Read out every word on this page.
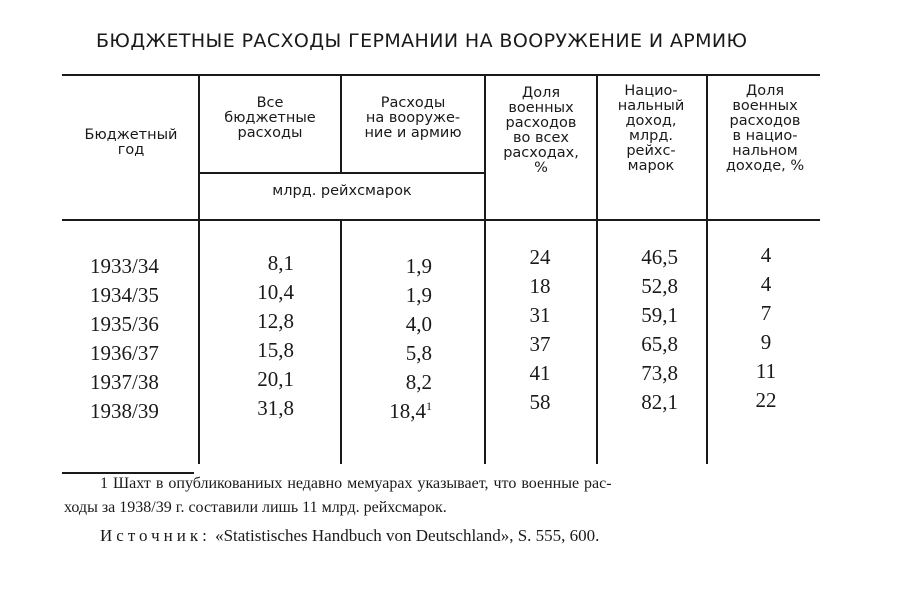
БЮДЖЕТНЫЕ РАСХОДЫ ГЕРМАНИИ НА ВООРУЖЕНИЕ И АРМИЮ
Бюджетный
год
Все
бюджетные
расходы
Расходы
на вооруже-
ние и армию
млрд. рейхсмарок
Доля
военных
расходов
во всех
расходах,
%
Нацио-
нальный
доход,
млрд.
рейхс-
марок
Доля
военных
расходов
в нацио-
нальном
доходе, %
1933/34
1934/35
1935/36
1936/37
1937/38
1938/39
8,1
10,4
12,8
15,8
20,1
31,8
1,9
1,9
4,0
5,8
8,2
18,4$^1$
24
18
31
37
41
58
46,5
52,8
59,1
65,8
73,8
82,1
4
4
7
9
11
22
1 Шахт в опубликованиых недавно мемуарах указывает, что военные рас-
ходы за 1938/39 г. составили лишь 11 млрд. рейхсмарок.
Источник: «Statistisches Handbuch von Deutschland», S. 555, 600.
